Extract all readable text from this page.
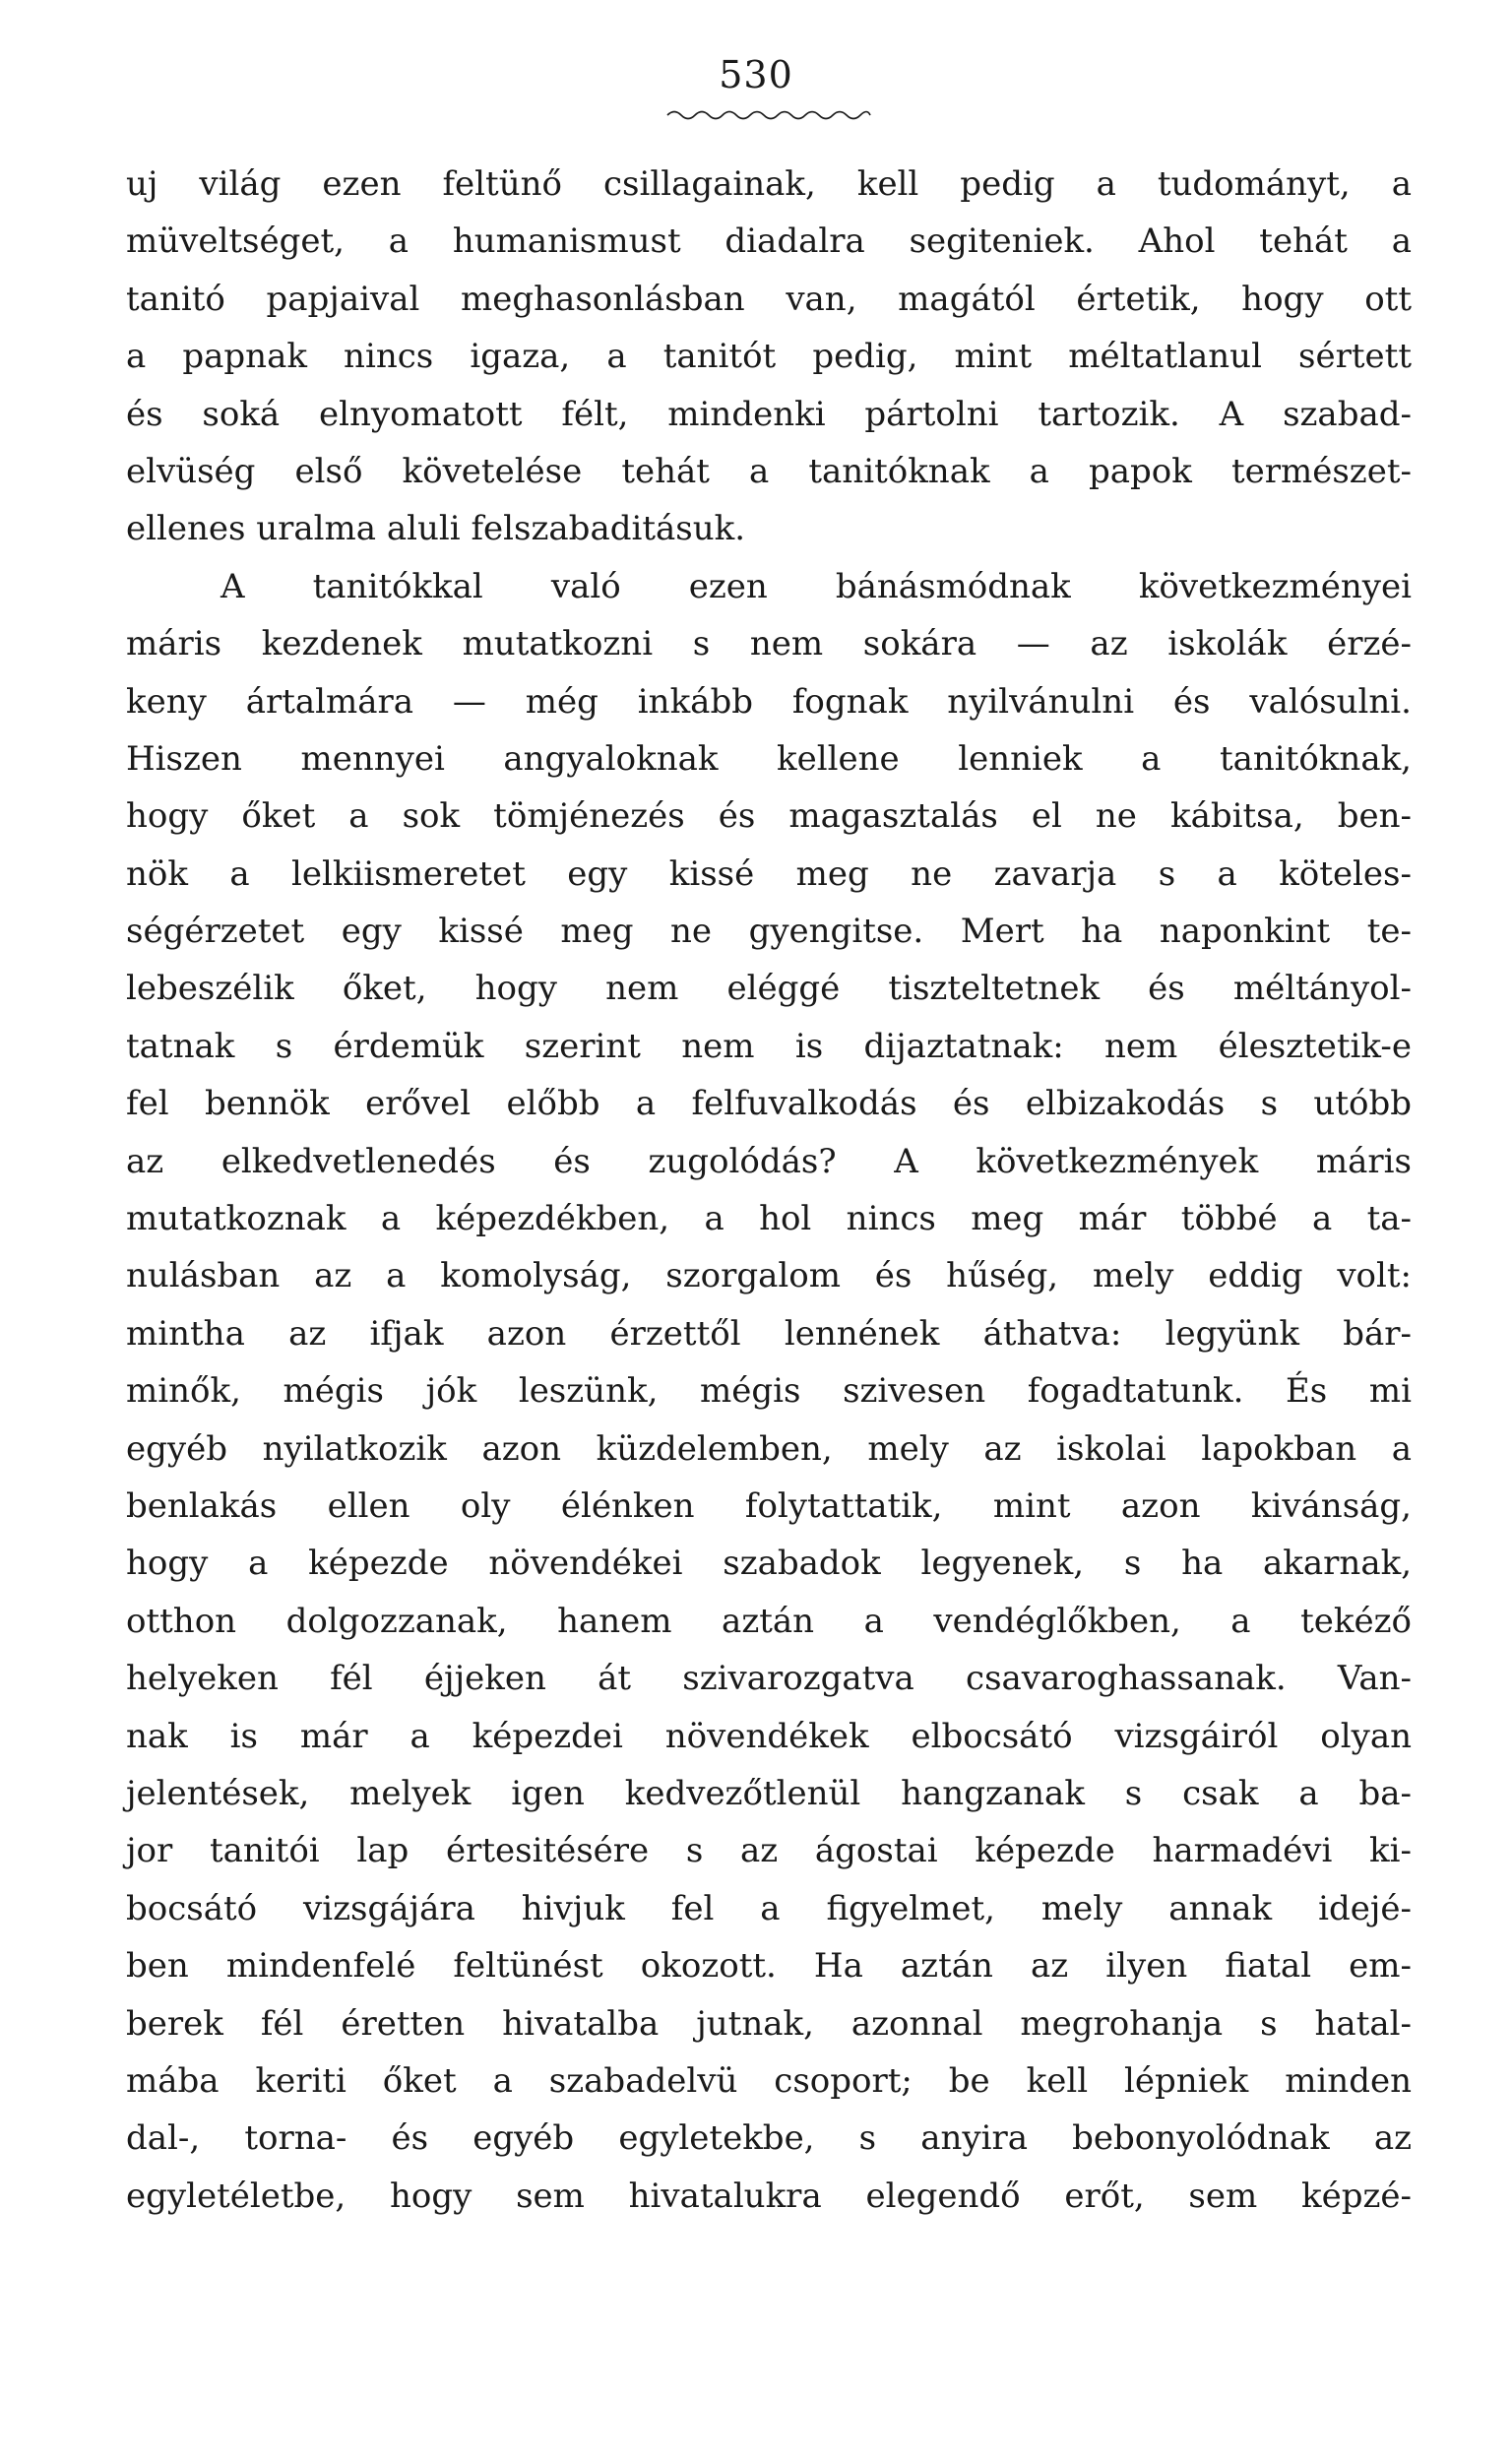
530
uj világ ezen feltünő csillagainak, kell pedig a tudományt, a
müveltséget, a humanismust diadalra segiteniek. Ahol tehát a
tanitó papjaival meghasonlásban van, magától értetik, hogy ott
a papnak nincs igaza, a tanitót pedig, mint méltatlanul sértett
és soká elnyomatott félt, mindenki pártolni tartozik. A szabad-
elvüség első követelése tehát a tanitóknak a papok természet-
ellenes uralma aluli felszabaditásuk.
A tanitókkal való ezen bánásmódnak következményei
máris kezdenek mutatkozni s nem sokára — az iskolák érzé-
keny ártalmára — még inkább fognak nyilvánulni és valósulni.
Hiszen mennyei angyaloknak kellene lenniek a tanitóknak,
hogy őket a sok tömjénezés és magasztalás el ne kábitsa, ben-
nök a lelkiismeretet egy kissé meg ne zavarja s a köteles-
ségérzetet egy kissé meg ne gyengitse. Mert ha naponkint te-
lebeszélik őket, hogy nem eléggé tiszteltetnek és méltányol-
tatnak s érdemük szerint nem is dijaztatnak: nem élesztetik-e
fel bennök erővel előbb a felfuvalkodás és elbizakodás s utóbb
az elkedvetlenedés és zugolódás? A következmények máris
mutatkoznak a képezdékben, a hol nincs meg már többé a ta-
nulásban az a komolyság, szorgalom és hűség, mely eddig volt:
mintha az ifjak azon érzettől lennének áthatva: legyünk bár-
minők, mégis jók leszünk, mégis szivesen fogadtatunk. És mi
egyéb nyilatkozik azon küzdelemben, mely az iskolai lapokban a
benlakás ellen oly élénken folytattatik, mint azon kivánság,
hogy a képezde növendékei szabadok legyenek, s ha akarnak,
otthon dolgozzanak, hanem aztán a vendéglőkben, a tekéző
helyeken fél éjjeken át szivarozgatva csavaroghassanak. Van-
nak is már a képezdei növendékek elbocsátó vizsgáiról olyan
jelentések, melyek igen kedvezőtlenül hangzanak s csak a ba-
jor tanitói lap értesitésére s az ágostai képezde harmadévi ki-
bocsátó vizsgájára hivjuk fel a figyelmet, mely annak idejé-
ben mindenfelé feltünést okozott. Ha aztán az ilyen fiatal em-
berek fél éretten hivatalba jutnak, azonnal megrohanja s hatal-
mába keriti őket a szabadelvü csoport; be kell lépniek minden
dal-, torna- és egyéb egyletekbe, s anyira bebonyolódnak az
egyletéletbe, hogy sem hivatalukra elegendő erőt, sem képzé-
